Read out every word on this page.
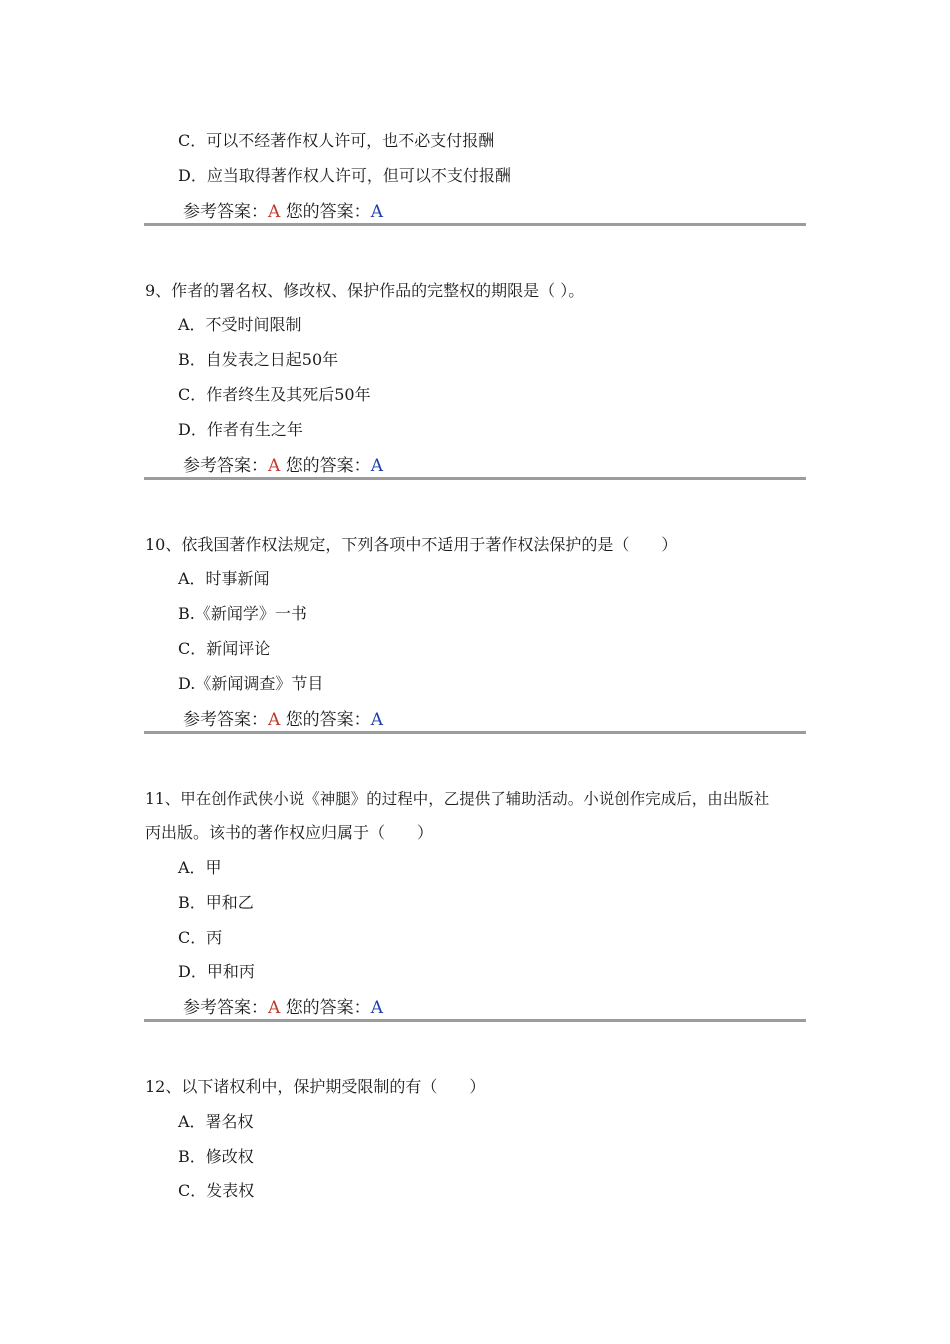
C．可以不经著作权人许可，也不必支付报酬
D．应当取得著作权人许可，但可以不支付报酬
参考答案：A 您的答案：A
9、作者的署名权、修改权、保护作品的完整权的期限是（ ）。
A．不受时间限制
B．自发表之日起50年
C．作者终生及其死后50年
D．作者有生之年
参考答案：A 您的答案：A
10、依我国著作权法规定，下列各项中不适用于著作权法保护的是（　　）
A．时事新闻
B.《新闻学》一书
C．新闻评论
D.《新闻调查》节目
参考答案：A 您的答案：A
11、甲在创作武侠小说《神腿》的过程中，乙提供了辅助活动。小说创作完成后，由出版社
丙出版。该书的著作权应归属于（　　）
A．甲
B．甲和乙
C．丙
D．甲和丙
参考答案：A 您的答案：A
12、以下诸权利中，保护期受限制的有（　　）
A．署名权
B．修改权
C．发表权
